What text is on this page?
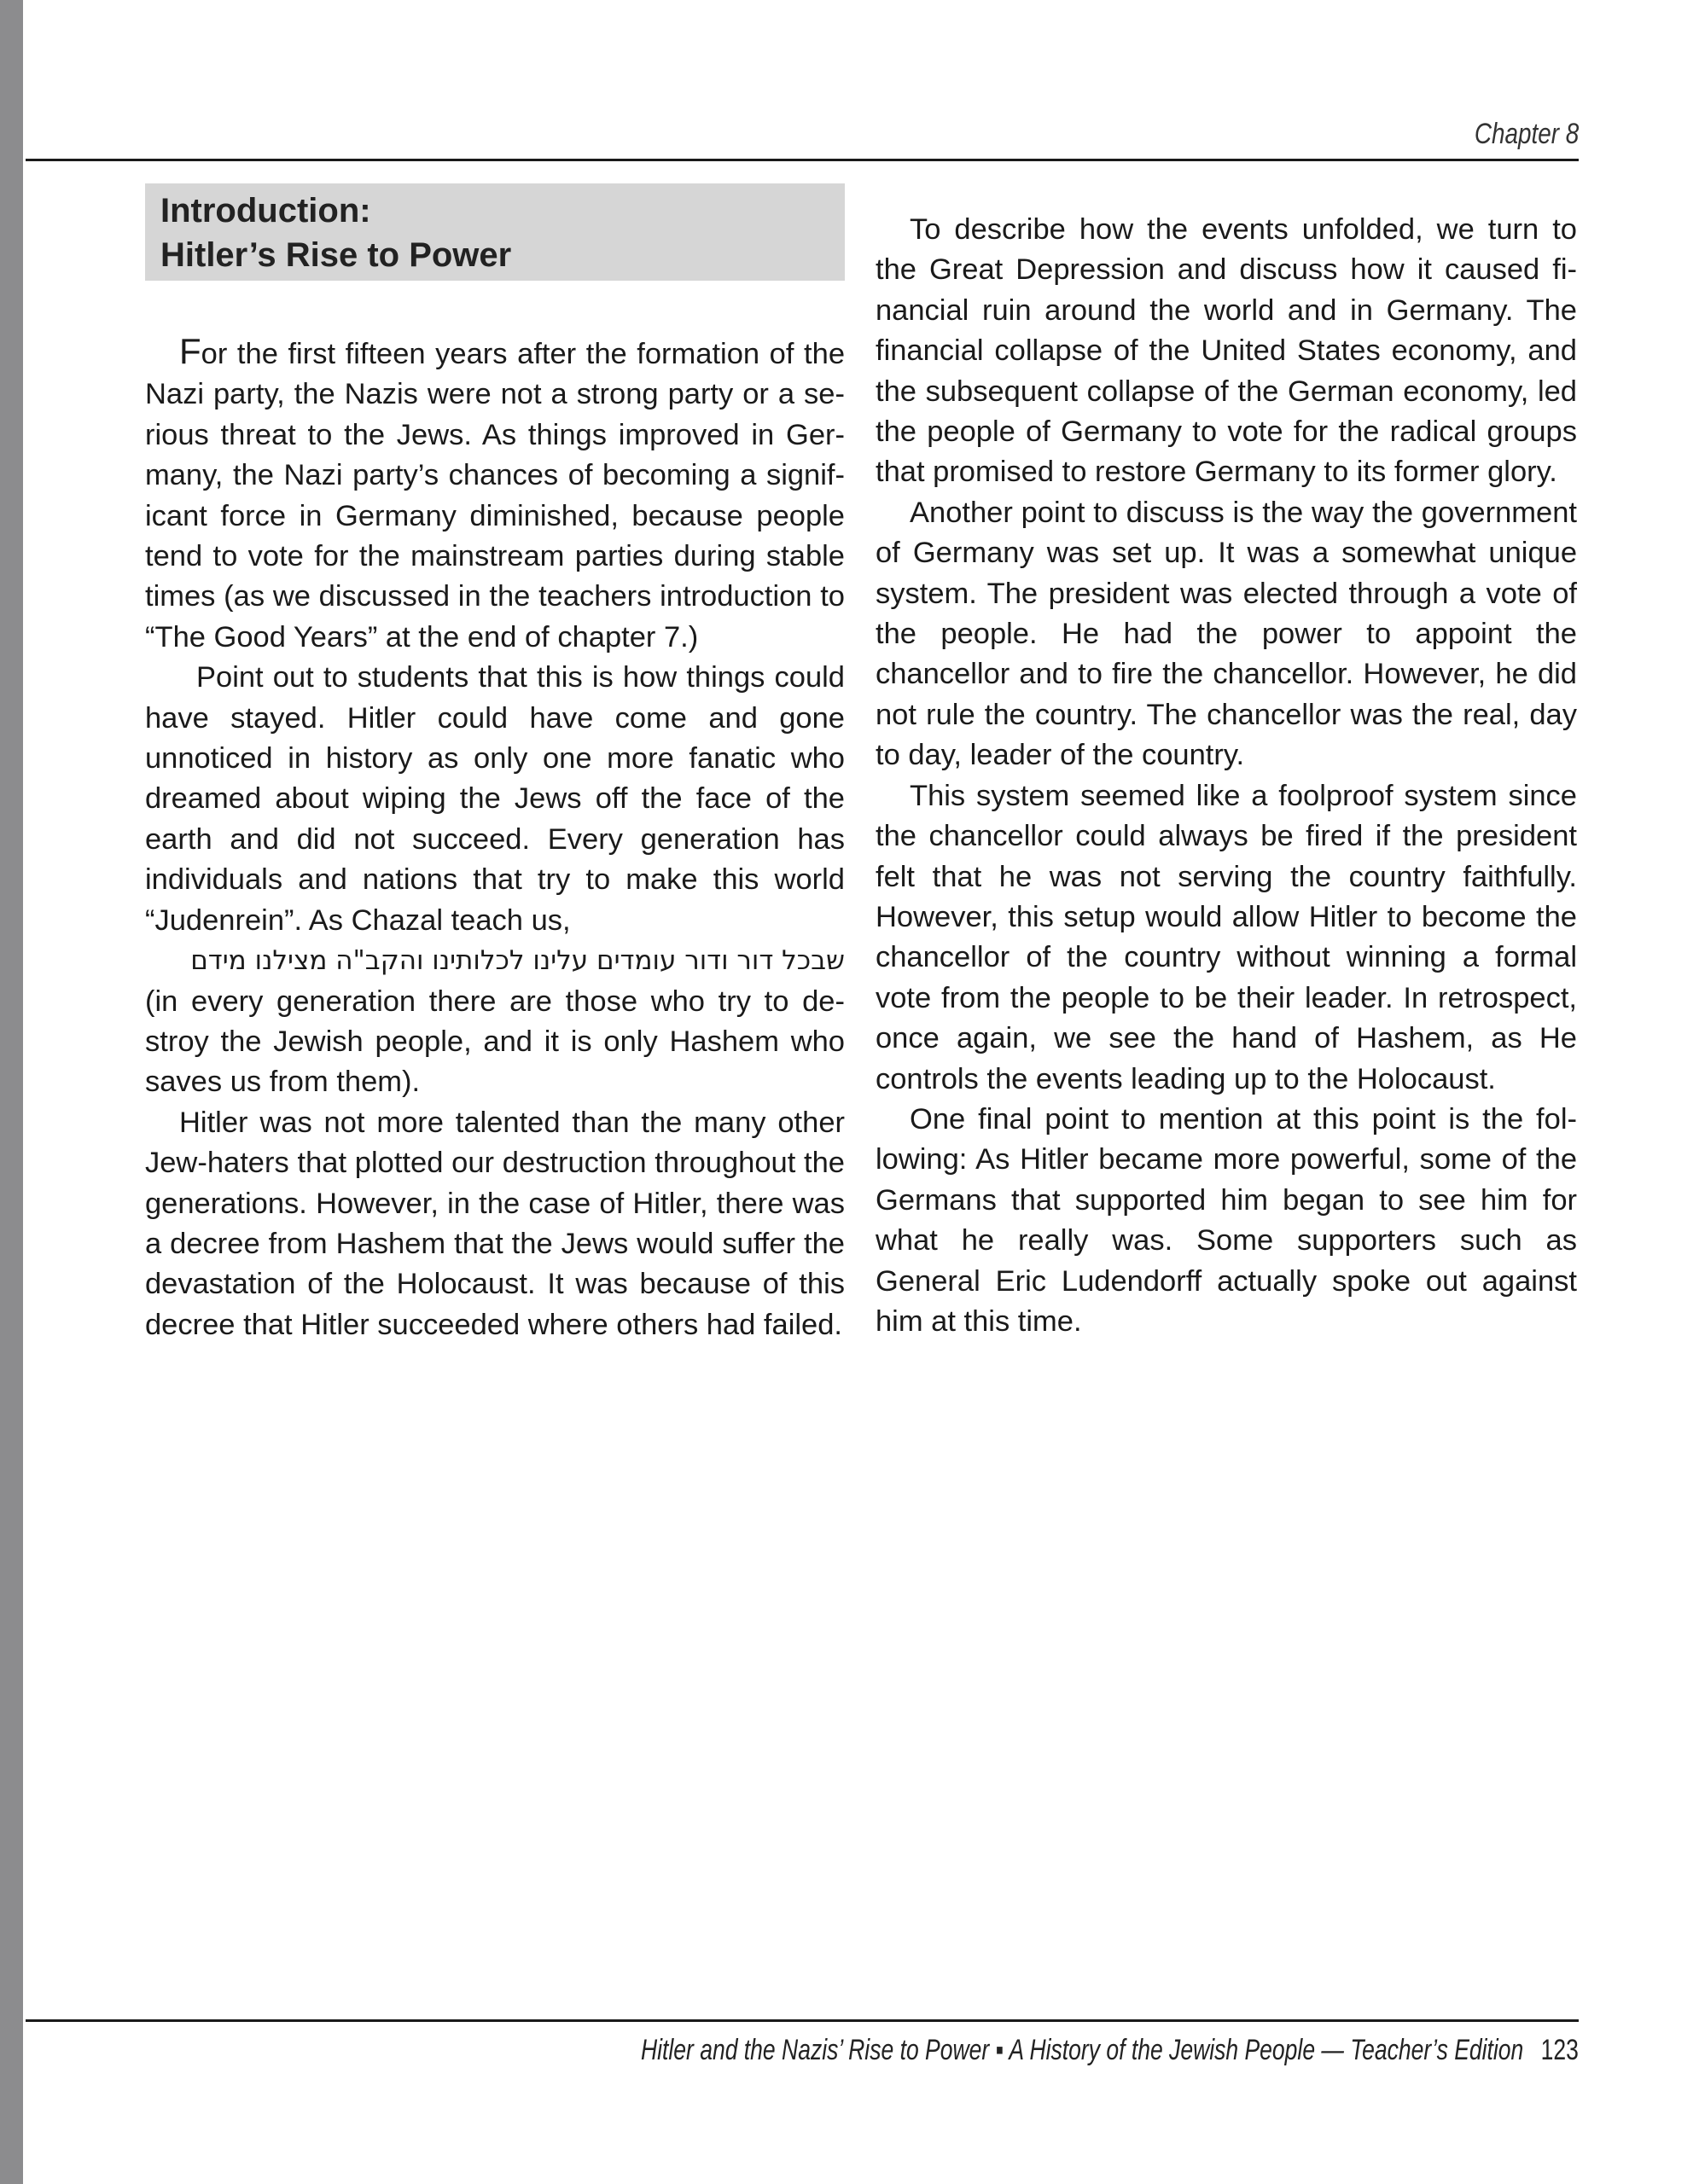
Chapter 8
Introduction:
Hitler’s Rise to Power

For the first fifteen years after the formation of the Nazi party, the Nazis were not a strong party or a serious threat to the Jews. As things improved in Germany, the Nazi party’s chances of becoming a significant force in Germany diminished, because people tend to vote for the mainstream parties during stable times (as we discussed in the teachers introduction to “The Good Years” at the end of chapter 7.)

Point out to students that this is how things could have stayed. Hitler could have come and gone unnoticed in history as only one more fanatic who dreamed about wiping the Jews off the face of the earth and did not succeed. Every generation has individuals and nations that try to make this world “Judenrein”. As Chazal teach us,

שבכל דור ודור עומדים עלינו לכלותינו והקב"ה מצילנו מידם

(in every generation there are those who try to destroy the Jewish people, and it is only Hashem who saves us from them).

Hitler was not more talented than the many other Jew-haters that plotted our destruction throughout the generations. However, in the case of Hitler, there was a decree from Hashem that the Jews would suffer the devastation of the Holocaust. It was because of this decree that Hitler succeeded where others had failed.

To describe how the events unfolded, we turn to the Great Depression and discuss how it caused financial ruin around the world and in Germany. The financial collapse of the United States economy, and the subsequent collapse of the German economy, led the people of Germany to vote for the radical groups that promised to restore Germany to its former glory.

Another point to discuss is the way the government of Germany was set up. It was a somewhat unique system. The president was elected through a vote of the people. He had the power to appoint the chancellor and to fire the chancellor. However, he did not rule the country. The chancellor was the real, day to day, leader of the country.

This system seemed like a foolproof system since the chancellor could always be fired if the president felt that he was not serving the country faithfully. However, this setup would allow Hitler to become the chancellor of the country without winning a formal vote from the people to be their leader. In retrospect, once again, we see the hand of Hashem, as He controls the events leading up to the Holocaust.

One final point to mention at this point is the following: As Hitler became more powerful, some of the Germans that supported him began to see him for what he really was. Some supporters such as General Eric Ludendorff actually spoke out against him at this time.

Hitler and the Nazis’ Rise to Power ▪ A History of the Jewish People — Teacher’s Edition 123
